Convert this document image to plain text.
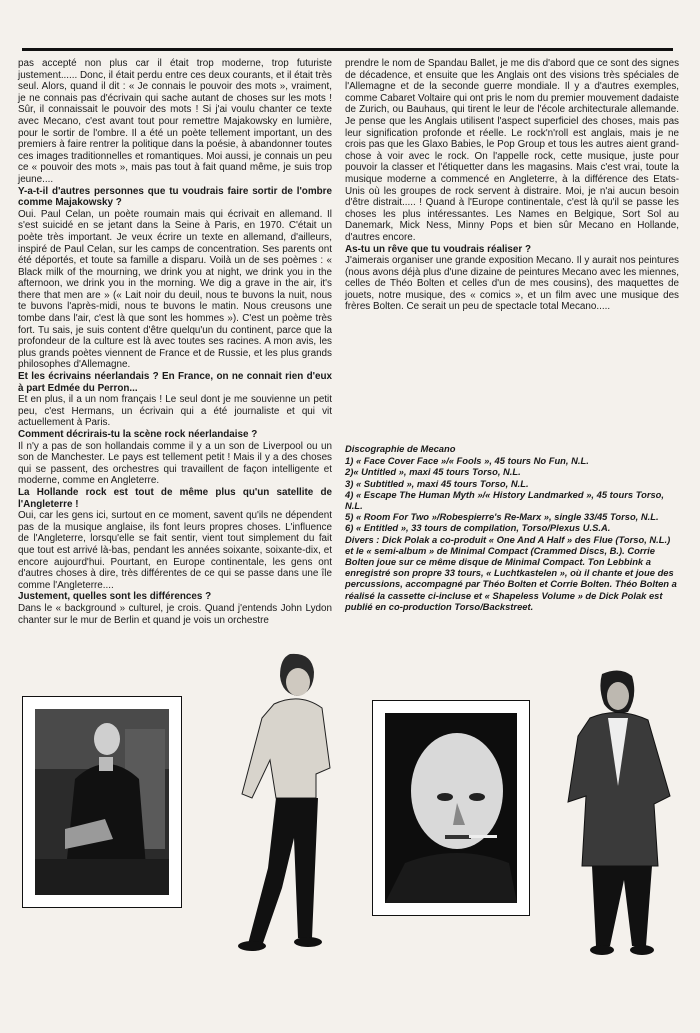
pas accepté non plus car il était trop moderne, trop futuriste justement...... Donc, il était perdu entre ces deux courants, et il était très seul. Alors, quand il dit : « Je connais le pouvoir des mots », vraiment, je ne connais pas d'écrivain qui sache autant de choses sur les mots ! Sûr, il connaissait le pouvoir des mots ! Si j'ai voulu chanter ce texte avec Mecano, c'est avant tout pour remettre Majakowsky en lumière, pour le sortir de l'ombre. Il a été un poète tellement important, un des premiers à faire rentrer la politique dans la poésie, à abandonner toutes ces images traditionnelles et romantiques. Moi aussi, je connais un peu ce « pouvoir des mots », mais pas tout à fait quand même, je suis trop jeune....

Y-a-t-il d'autres personnes que tu voudrais faire sortir de l'ombre comme Majakowsky ?

Oui. Paul Celan, un poète roumain mais qui écrivait en allemand. Il s'est suicidé en se jetant dans la Seine à Paris, en 1970. C'était un poète très important. Je veux écrire un texte en allemand, d'ailleurs, inspiré de Paul Celan, sur les camps de concentration. Ses parents ont été déportés, et toute sa famille a disparu. Voilà un de ses poèmes : « Black milk of the mourning, we drink you at night, we drink you in the afternoon, we drink you in the morning. We dig a grave in the air, it's there that men are » (« Lait noir du deuil, nous te buvons la nuit, nous te buvons l'après-midi, nous te buvons le matin. Nous creusons une tombe dans l'air, c'est là que sont les hommes »). C'est un poème très fort. Tu sais, je suis content d'être quelqu'un du continent, parce que la profondeur de la culture est là avec toutes ses racines. A mon avis, les plus grands poètes viennent de France et de Russie, et les plus grands philosophes d'Allemagne.

Et les écrivains néerlandais ? En France, on ne connait rien d'eux à part Edmée du Perron...

Et en plus, il a un nom français ! Le seul dont je me souvienne un petit peu, c'est Hermans, un écrivain qui a été journaliste et qui vit actuellement à Paris.

Comment décrirais-tu la scène rock néerlandaise ?

Il n'y a pas de son hollandais comme il y a un son de Liverpool ou un son de Manchester. Le pays est tellement petit ! Mais il y a des choses qui se passent, des orchestres qui travaillent de façon intelligente et moderne, comme en Angleterre.

La Hollande rock est tout de même plus qu'un satellite de l'Angleterre !

Oui, car les gens ici, surtout en ce moment, savent qu'ils ne dépendent pas de la musique anglaise, ils font leurs propres choses. L'influence de l'Angleterre, lorsqu'elle se fait sentir, vient tout simplement du fait que tout est arrivé là-bas, pendant les années soixante, soixante-dix, et encore aujourd'hui. Pourtant, en Europe continentale, les gens ont d'autres choses à dire, très différentes de ce qui se passe dans une île comme l'Angleterre....

Justement, quelles sont les différences ?

Dans le « background » culturel, je crois. Quand j'entends John Lydon chanter sur le mur de Berlin et quand je vois un orchestre

prendre le nom de Spandau Ballet, je me dis d'abord que ce sont des signes de décadence, et ensuite que les Anglais ont des visions très spéciales de l'Allemagne et de la seconde guerre mondiale. Il y a d'autres exemples, comme Cabaret Voltaire qui ont pris le nom du premier mouvement dadaiste de Zurich, ou Bauhaus, qui tirent le leur de l'école architecturale allemande. Je pense que les Anglais utilisent l'aspect superficiel des choses, mais pas leur signification profonde et réelle. Le rock'n'roll est anglais, mais je ne crois pas que les Glaxo Babies, le Pop Group et tous les autres aient grand-chose à voir avec le rock. On l'appelle rock, cette musique, juste pour pouvoir la classer et l'étiquetter dans les magasins. Mais c'est vrai, toute la musique moderne a commencé en Angleterre, à la différence des Etats-Unis où les groupes de rock servent à distraire. Moi, je n'ai aucun besoin d'être distrait..... ! Quand à l'Europe continentale, c'est là qu'il se passe les choses les plus intéressantes. Les Names en Belgique, Sort Sol au Danemark, Mick Ness, Minny Pops et bien sûr Mecano en Hollande, d'autres encore.

As-tu un rêve que tu voudrais réaliser ?

J'aimerais organiser une grande exposition Mecano. Il y aurait nos peintures (nous avons déjà plus d'une dizaine de peintures Mecano avec les miennes, celles de Théo Bolten et celles d'un de mes cousins), des maquettes de jouets, notre musique, des « comics », et un film avec une musique des frères Bolten. Ce serait un peu de spectacle total Mecano.....

Discographie de Mecano
1) « Face Cover Face »/« Fools », 45 tours No Fun, N.L.
2)« Untitled », maxi 45 tours Torso, N.L.
3) « Subtitled », maxi 45 tours Torso, N.L.
4) « Escape The Human Myth »/« History Landmarked », 45 tours Torso, N.L.
5) « Room For Two »/Robespierre's Re-Marx », single 33/45 Torso, N.L.
6) « Entitled », 33 tours de compilation, Torso/Plexus U.S.A.
Divers : Dick Polak a co-produit « One And A Half » des Flue (Torso, N.L.) et le « semi-album » de Minimal Compact (Crammed Discs, B.). Corrie Bolten joue sur ce même disque de Minimal Compact. Ton Lebbink a enregistré son propre 33 tours, « Luchtkastelen », où il chante et joue des percussions, accompagné par Théo Bolten et Corrie Bolten. Théo Bolten a réalisé la cassette ci-incluse et « Shapeless Volume » de Dick Polak est publié en co-production Torso/Backstreet.
